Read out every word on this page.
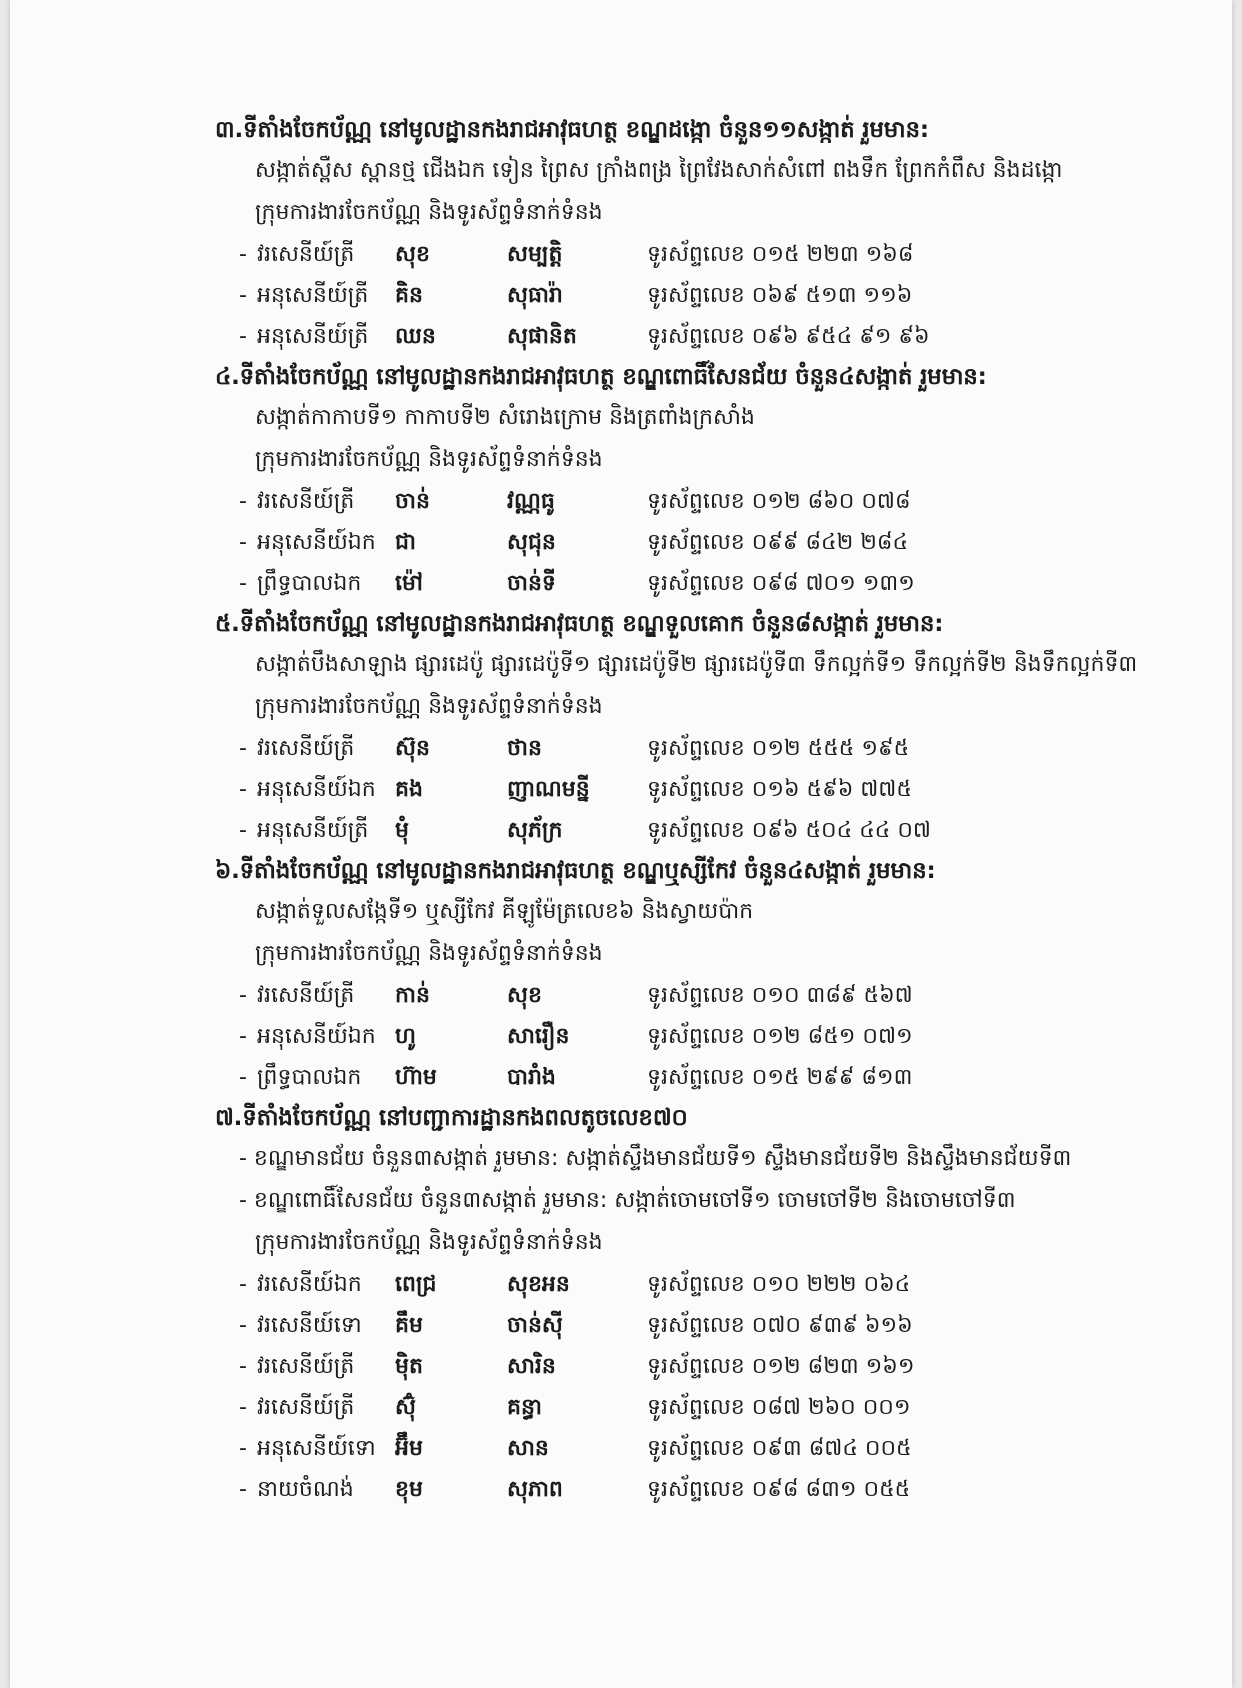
៣.ទីតាំងចែកប័ណ្ណ នៅមូលដ្ឋានកងរាជអាវុធហត្ថ ខណ្ឌដង្កោ ចំនួន១១សង្កាត់ រួមមាន:
សង្កាត់ស្ពឺស ស្ពានថ្ម ជើងឯក ទៀន ព្រៃស ក្រាំងពង្រ ព្រៃវែងសាក់សំពៅ ពងទឹក ព្រែកកំពឹស និងដង្កោ
ក្រុមការងារចែកប័ណ្ណ និងទូរស័ព្ទទំនាក់ទំនង
- វរសេនីយ៍ត្រី	សុខ	សម្បត្តិ	ទូរស័ព្ទលេខ ០១៥ ២២៣ ១៦៨
- អនុសេនីយ៍ត្រី	គិន	សុធារ៉ា	ទូរស័ព្ទលេខ ០៦៩ ៥១៣ ១១៦
- អនុសេនីយ៍ត្រី	ឈន	សុផានិត	ទូរស័ព្ទលេខ ០៩៦ ៩៥៤ ៩១ ៩៦
៤.ទីតាំងចែកប័ណ្ណ នៅមូលដ្ឋានកងរាជអាវុធហត្ថ ខណ្ឌពោធិ៍សែនជ័យ ចំនួន៤សង្កាត់ រួមមាន:
សង្កាត់កាកាបទី១ កាកាបទី២ សំរោងក្រោម និងត្រពាំងក្រសាំង
ក្រុមការងារចែកប័ណ្ណ និងទូរស័ព្ទទំនាក់ទំនង
- វរសេនីយ៍ត្រី	ចាន់	វណ្ណធូ	ទូរស័ព្ទលេខ ០១២ ៨៦០ ០៧៨
- អនុសេនីយ៍ឯក ជា	សុជុន	ទូរស័ព្ទលេខ ០៩៩ ៨៤២ ២៨៤
- ព្រឹទ្ធបាលឯក	ម៉ៅ	ចាន់ទី	ទូរស័ព្ទលេខ ០៩៨ ៧០១ ១៣១
៥.ទីតាំងចែកប័ណ្ណ នៅមូលដ្ឋានកងរាជអាវុធហត្ថ ខណ្ឌទួលគោក ចំនួន៨សង្កាត់ រួមមាន:
សង្កាត់បឹងសាឡាង ផ្សារដេប៉ូ ផ្សារដេប៉ូទី១ ផ្សារដេប៉ូទី២ ផ្សារដេប៉ូទី៣ ទឹកល្អក់ទី១ ទឹកល្អក់ទី២ និងទឹកល្អក់ទី៣
ក្រុមការងារចែកប័ណ្ណ និងទូរស័ព្ទទំនាក់ទំនង
- វរសេនីយ៍ត្រី	ស៊ុន	ថាន	ទូរស័ព្ទលេខ ០១២ ៥៥៥ ១៩៥
- អនុសេនីយ៍ឯក គង	ញាណមន្នី	ទូរស័ព្ទលេខ ០១៦ ៥៩៦ ៧៧៥
- អនុសេនីយ៍ត្រី	មុំ	សុភ័ក្រ	ទូរស័ព្ទលេខ ០៩៦ ៥០៤ ៤៤ ០៧
៦.ទីតាំងចែកប័ណ្ណ នៅមូលដ្ឋានកងរាជអាវុធហត្ថ ខណ្ឌឬស្សីកែវ ចំនួន៤សង្កាត់ រួមមាន:
សង្កាត់ទួលសង្កែទី១ ឬស្សីកែវ គីឡូម៉ែត្រលេខ៦ និងស្វាយប៉ាក
ក្រុមការងារចែកប័ណ្ណ និងទូរស័ព្ទទំនាក់ទំនង
- វរសេនីយ៍ត្រី	កាន់	សុខ	ទូរស័ព្ទលេខ ០១០ ៣៨៩ ៥៦៧
- អនុសេនីយ៍ឯក ហូ	សារឿន	ទូរស័ព្ទលេខ ០១២ ៨៥១ ០៧១
- ព្រឹទ្ធបាលឯក	ហ៊ាម	បារាំង	ទូរស័ព្ទលេខ ០១៥ ២៩៩ ៨១៣
៧.ទីតាំងចែកប័ណ្ណ នៅបញ្ជាការដ្ឋានកងពលតូចលេខ៧០
- ខណ្ឌមានជ័យ ចំនួន៣សង្កាត់ រួមមាន: សង្កាត់ស្ទឹងមានជ័យទី១ ស្ទឹងមានជ័យទី២ និងស្ទឹងមានជ័យទី៣
- ខណ្ឌពោធិ៍សែនជ័យ ចំនួន៣សង្កាត់ រួមមាន: សង្កាត់ចោមចៅទី១ ចោមចៅទី២ និងចោមចៅទី៣
ក្រុមការងារចែកប័ណ្ណ និងទូរស័ព្ទទំនាក់ទំនង
- វរសេនីយ៍ឯក	ពេជ្រ	សុខអន	ទូរស័ព្ទលេខ ០១០ ២២២ ០៦៤
- វរសេនីយ៍ទោ	គឹម	ចាន់ស៊ី	ទូរស័ព្ទលេខ ០៧០ ៩៣៩ ៦១៦
- វរសេនីយ៍ត្រី	ម៉ិត	សារិន	ទូរស័ព្ទលេខ ០១២ ៨២៣ ១៦១
- វរសេនីយ៍ត្រី	ស៊ុំ	គន្ធា	ទូរស័ព្ទលេខ ០៨៧ ២៦០ ០០១
- អនុសេនីយ៍ទោ អ៊ឹម	សាន	ទូរស័ព្ទលេខ ០៩៣ ៨៧៤ ០០៥
- នាយចំណង់	ខុម	សុភាព	ទូរស័ព្ទលេខ ០៩៨ ៨៣១ ០៥៥
